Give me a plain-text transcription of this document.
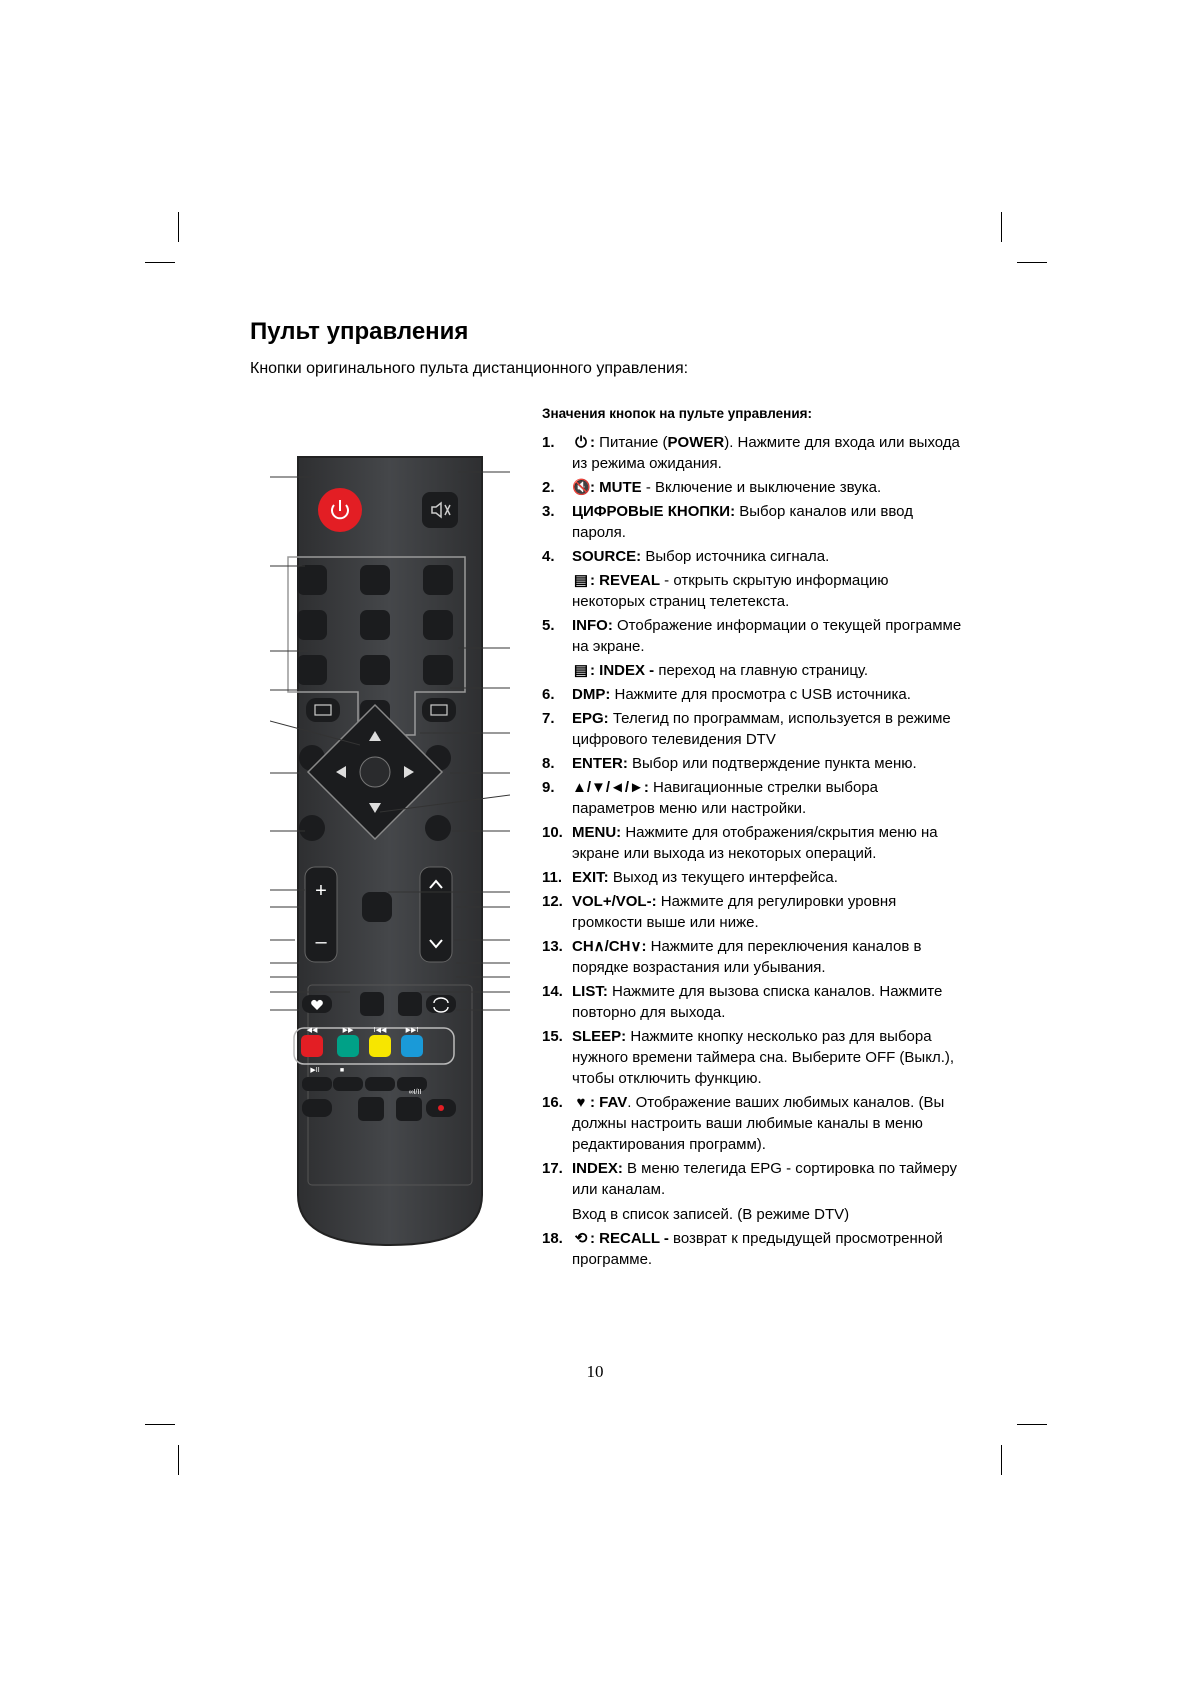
Пульт управления
Кнопки оригинального пульта дистанционного управления:
+
–
◀◀	▶▶	I◀◀	▶▶I
▶II	■
∞I/II
Значения кнопок на пульте управления:
1.	⏻ : Питание (POWER). Нажмите для входа или выхода из режима ожидания.
2.	🔇: MUTE - Включение и выключение звука.
3.	ЦИФРОВЫЕ КНОПКИ: Выбор каналов или ввод пароля.
4.	SOURCE: Выбор источника сигнала.
▤ : REVEAL - открыть скрытую информацию некоторых страниц телетекста.
5.	INFO: Отображение информации о текущей программе на экране.
▤ : INDEX - переход на главную страницу.
6.	DMP: Нажмите для просмотра с USB источника.
7.	EPG: Телегид по программам, используется в режиме цифрового телевидения DTV
8.	ENTER: Выбор или подтверждение пункта меню.
9.	▲/▼/◄/►: Навигационные стрелки выбора параметров меню или настройки.
10. MENU: Нажмите для отображения/скрытия меню на экране или выхода из некоторых операций.
11. EXIT: Выход из текущего интерфейса.
12. VOL+/VOL-: Нажмите для регулировки уровня громкости выше или ниже.
13. CH∧/CH∨: Нажмите для переключения каналов в порядке возрастания или убывания.
14. LIST: Нажмите для вызова списка каналов. Нажмите повторно для выхода.
15. SLEEP: Нажмите кнопку несколько раз для выбора нужного времени таймера сна. Выберите OFF (Выкл.), чтобы отключить функцию.
16. ♥ : FAV. Отображение ваших любимых каналов. (Вы должны настроить ваши любимые каналы в меню редактирования программ).
17. INDEX: В меню телегида EPG - сортировка по таймеру или каналам.
Вход в список записей. (В режиме DTV)
18. ⟲ : RECALL - возврат к предыдущей просмотренной программе.
10
